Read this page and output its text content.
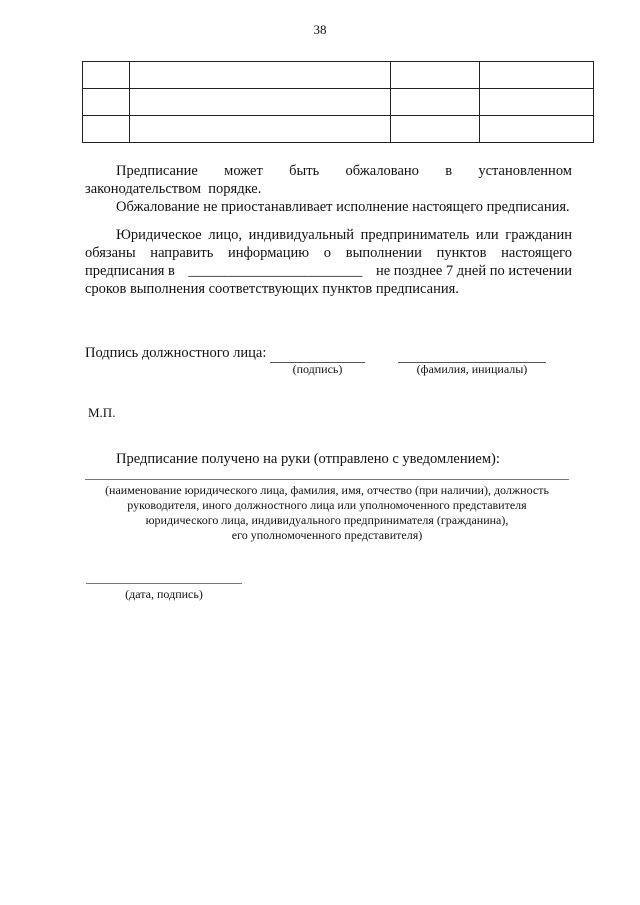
38

Предписание может быть обжаловано в установленном
законодательством  порядке.
Обжалование не приостанавливает исполнение настоящего предписания.
Юридическое лицо, индивидуальный предприниматель или гражданин
обязаны направить информацию о выполнении пунктов настоящего
предписания в ________________________ не позднее 7 дней по истечении
сроков выполнения соответствующих пунктов предписания.
Подпись должностного лица:
(подпись)	(фамилия, инициалы)
М.П.
Предписание получено на руки (отправлено с уведомлением):
(наименование юридического лица, фамилия, имя, отчество (при наличии), должность
руководителя, иного должностного лица или уполномоченного представителя
юридического лица, индивидуального предпринимателя (гражданина),
его уполномоченного представителя)
(дата, подпись)
